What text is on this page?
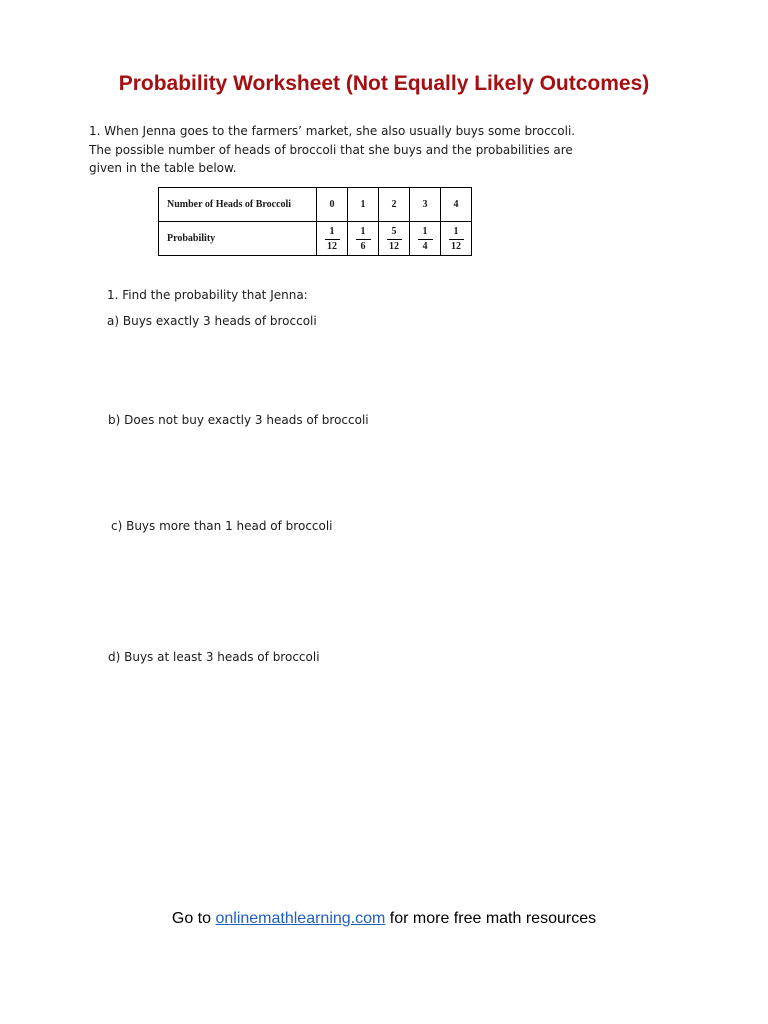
Probability Worksheet (Not Equally Likely Outcomes)
1. When Jenna goes to the farmers’ market, she also usually buys some broccoli.
The possible number of heads of broccoli that she buys and the probabilities are
given in the table below.
Number of Heads of Broccoli	0	1	2	3	4
Probability	$\frac{1}{12}$	$\frac{1}{6}$	$\frac{5}{12}$	$\frac{1}{4}$	$\frac{1}{12}$
1. Find the probability that Jenna:
a) Buys exactly 3 heads of broccoli
b) Does not buy exactly 3 heads of broccoli
c) Buys more than 1 head of broccoli
d) Buys at least 3 heads of broccoli
Go to onlinemathlearning.com for more free math resources
